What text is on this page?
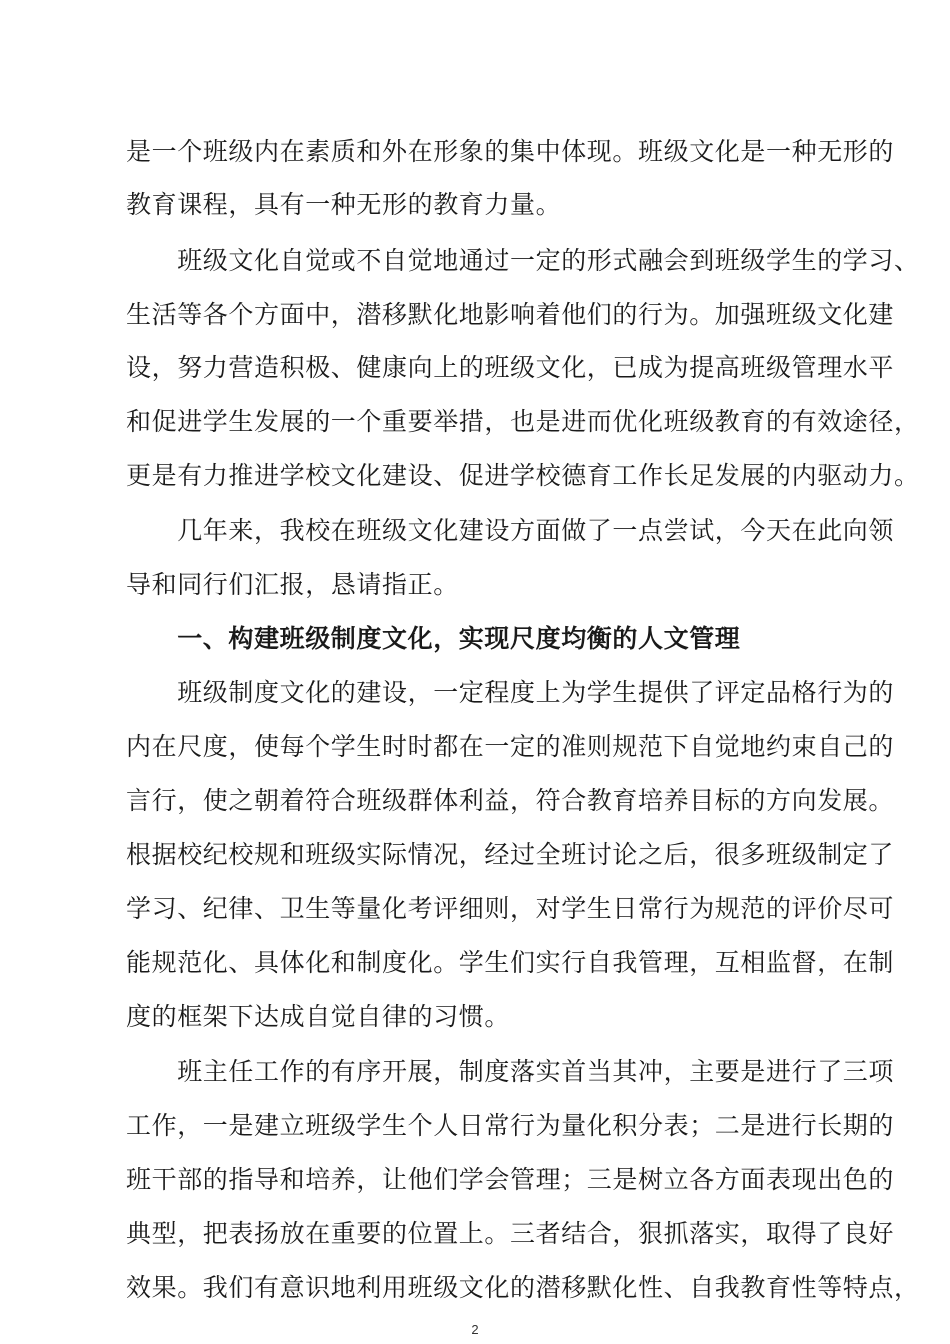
是一个班级内在素质和外在形象的集中体现。班级文化是一种无形的
教育课程，具有一种无形的教育力量。
　　班级文化自觉或不自觉地通过一定的形式融会到班级学生的学习、
生活等各个方面中，潜移默化地影响着他们的行为。加强班级文化建
设，努力营造积极、健康向上的班级文化，已成为提高班级管理水平
和促进学生发展的一个重要举措，也是进而优化班级教育的有效途径，
更是有力推进学校文化建设、促进学校德育工作长足发展的内驱动力。
　　几年来，我校在班级文化建设方面做了一点尝试，今天在此向领
导和同行们汇报，恳请指正。
　　一、构建班级制度文化，实现尺度均衡的人文管理
　　班级制度文化的建设，一定程度上为学生提供了评定品格行为的
内在尺度，使每个学生时时都在一定的准则规范下自觉地约束自己的
言行，使之朝着符合班级群体利益，符合教育培养目标的方向发展。
根据校纪校规和班级实际情况，经过全班讨论之后，很多班级制定了
学习、纪律、卫生等量化考评细则，对学生日常行为规范的评价尽可
能规范化、具体化和制度化。学生们实行自我管理，互相监督，在制
度的框架下达成自觉自律的习惯。
　　班主任工作的有序开展，制度落实首当其冲，主要是进行了三项
工作，一是建立班级学生个人日常行为量化积分表；二是进行长期的
班干部的指导和培养，让他们学会管理；三是树立各方面表现出色的
典型，把表扬放在重要的位置上。三者结合，狠抓落实，取得了良好
效果。我们有意识地利用班级文化的潜移默化性、自我教育性等特点，
2
